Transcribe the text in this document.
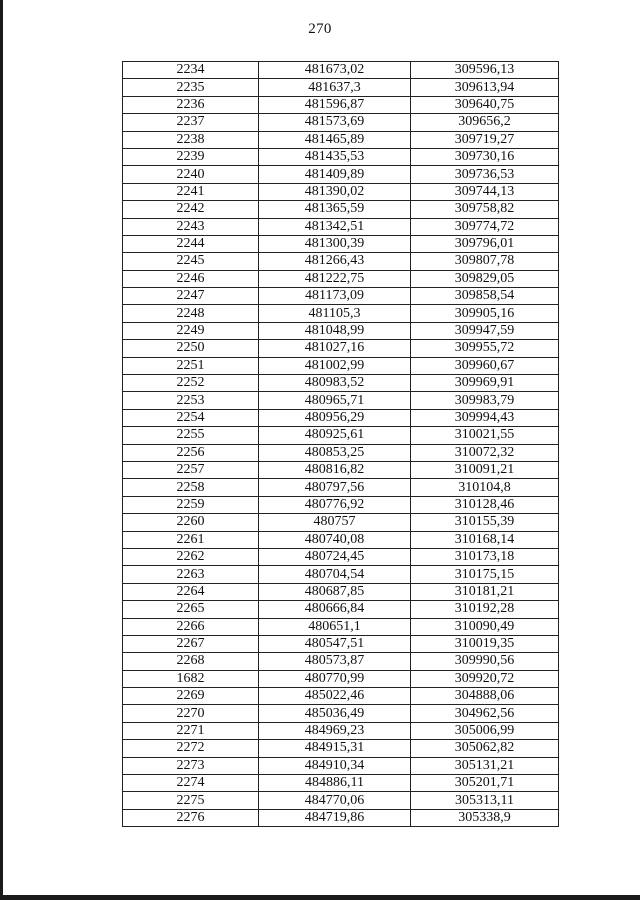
270
2234	481673,02	309596,13
2235	481637,3	309613,94
2236	481596,87	309640,75
2237	481573,69	309656,2
2238	481465,89	309719,27
2239	481435,53	309730,16
2240	481409,89	309736,53
2241	481390,02	309744,13
2242	481365,59	309758,82
2243	481342,51	309774,72
2244	481300,39	309796,01
2245	481266,43	309807,78
2246	481222,75	309829,05
2247	481173,09	309858,54
2248	481105,3	309905,16
2249	481048,99	309947,59
2250	481027,16	309955,72
2251	481002,99	309960,67
2252	480983,52	309969,91
2253	480965,71	309983,79
2254	480956,29	309994,43
2255	480925,61	310021,55
2256	480853,25	310072,32
2257	480816,82	310091,21
2258	480797,56	310104,8
2259	480776,92	310128,46
2260	480757	310155,39
2261	480740,08	310168,14
2262	480724,45	310173,18
2263	480704,54	310175,15
2264	480687,85	310181,21
2265	480666,84	310192,28
2266	480651,1	310090,49
2267	480547,51	310019,35
2268	480573,87	309990,56
1682	480770,99	309920,72
2269	485022,46	304888,06
2270	485036,49	304962,56
2271	484969,23	305006,99
2272	484915,31	305062,82
2273	484910,34	305131,21
2274	484886,11	305201,71
2275	484770,06	305313,11
2276	484719,86	305338,9
